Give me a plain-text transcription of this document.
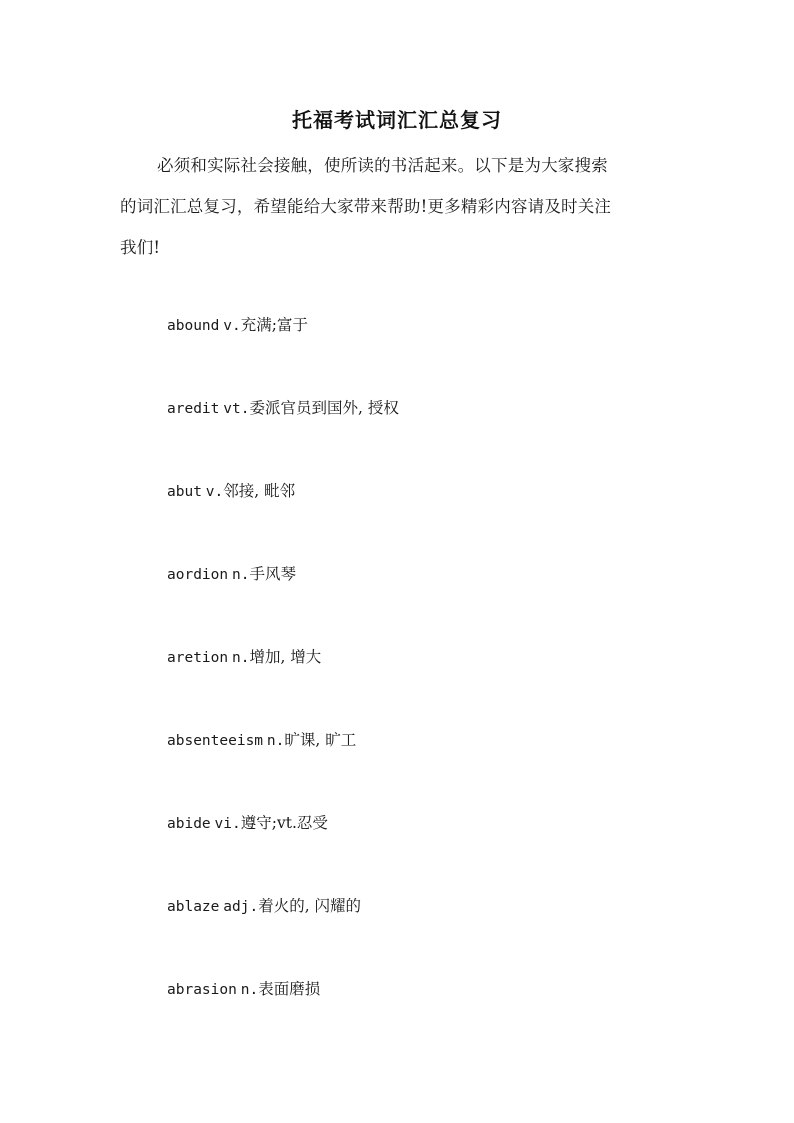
托福考试词汇汇总复习
必须和实际社会接触，使所读的书活起来。以下是为大家搜索
的词汇汇总复习，希望能给大家带来帮助!更多精彩内容请及时关注
我们!
abound v.充满;富于
aredit vt.委派官员到国外, 授权
abut v.邻接, 毗邻
aordion n.手风琴
aretion n.增加, 增大
absenteeism n.旷课, 旷工
abide vi.遵守;vt.忍受
ablaze adj.着火的, 闪耀的
abrasion n.表面磨损
